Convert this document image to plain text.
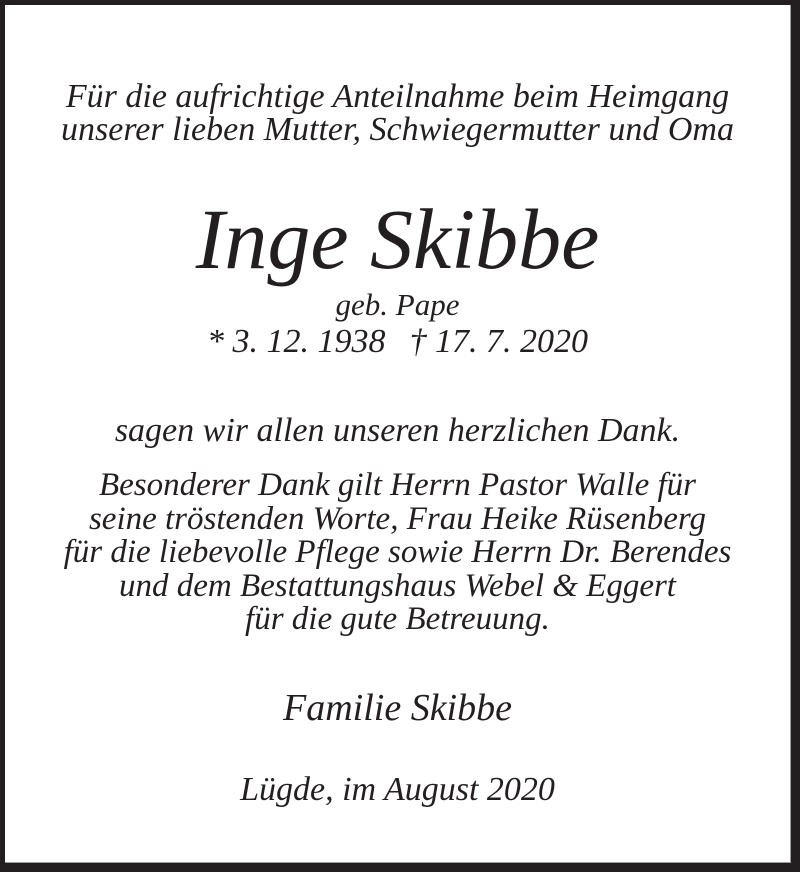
Für die aufrichtige Anteilnahme beim Heimgang
unserer lieben Mutter, Schwiegermutter und Oma
Inge Skibbe
geb. Pape
* 3. 12. 1938 † 17. 7. 2020
sagen wir allen unseren herzlichen Dank.
Besonderer Dank gilt Herrn Pastor Walle für
seine tröstenden Worte, Frau Heike Rüsenberg
für die liebevolle Pflege sowie Herrn Dr. Berendes
und dem Bestattungshaus Webel & Eggert
für die gute Betreuung.
Familie Skibbe
Lügde, im August 2020
